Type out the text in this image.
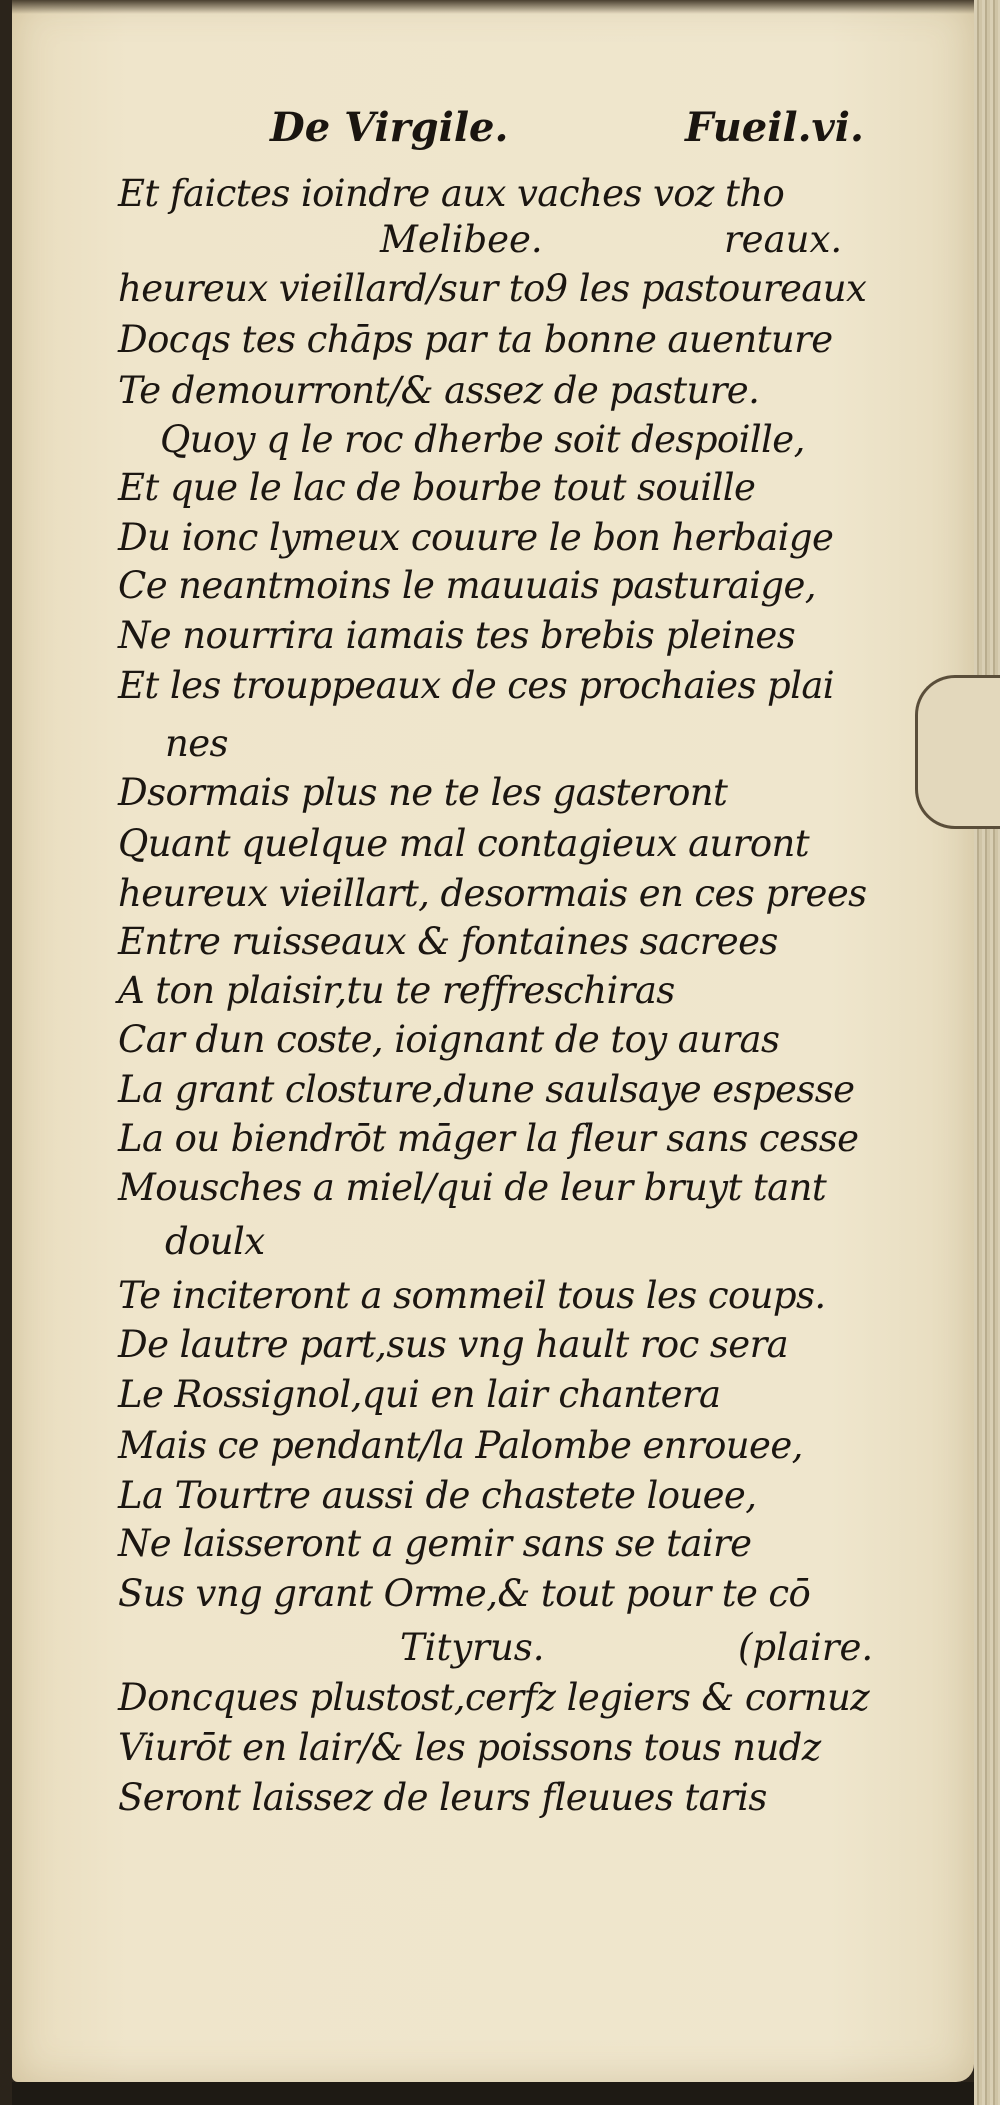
De Virgile.	Fueil.vi.
Et faictes ioindre aux vaches voz tho
heureux vieillard/sur to9 les pastoureaux
Docqs tes chāps par ta bonne auenture
Te demourront/& assez de pasture.
Quoy q le roc dherbe soit despoille,
Et que le lac de bourbe tout souille
Du ionc lymeux couure le bon herbaige
Ce neantmoins le mauuais pasturaige,
Ne nourrira iamais tes brebis pleines
Et les trouppeaux de ces prochaies plai
nes
Dsormais plus ne te les gasteront
Quant quelque mal contagieux auront
heureux vieillart, desormais en ces prees
Entre ruisseaux & fontaines sacrees
A ton plaisir,tu te reffreschiras
Car dun coste, ioignant de toy auras
La grant closture,dune saulsaye espesse
La ou biendrōt māger la fleur sans cesse
Mousches a miel/qui de leur bruyt tant
doulx
Te inciteront a sommeil tous les coups.
De lautre part,sus vng hault roc sera
Le Rossignol,qui en lair chantera
Mais ce pendant/la Palombe enrouee,
La Tourtre aussi de chastete louee,
Ne laisseront a gemir sans se taire
Sus vng grant Orme,& tout pour te cō
Doncques plustost,cerfz legiers & cornuz
Viurōt en lair/& les poissons tous nudz
Seront laissez de leurs fleuues taris
Melibee.
Tityrus.
reaux.
(plaire.
